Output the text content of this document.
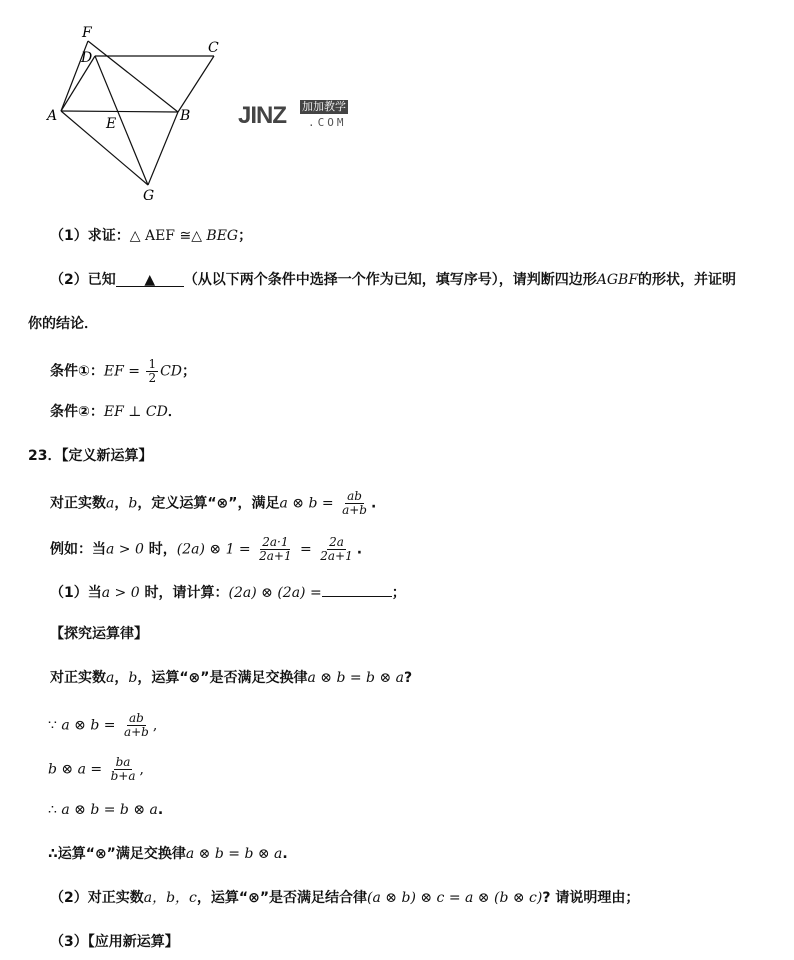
F
D
C
A	E	B
G
JINZ 加加教学
.COM
（1）求证：△ AEF ≅△ BEG；
（2）已知 ▲ （从以下两个条件中选择一个作为已知，填写序号），请判断四边形AGBF的形状，并证明
你的结论．
条件①：EF = $\frac{1}{2}$ CD；
条件②：EF ⊥ CD．
23．【定义新运算】
对正实数a，b，定义运算“⊗”，满足a ⊗ $b = \frac{ab}{a+b}$ .
例如：当a > 0 时，(2a) ⊗ $1 = \frac{2a\cdot 1}{2a+1} = \frac{2a}{2a+1}$ .
（1）当a > 0 时，请计算：(2a) ⊗ (2a) =	；
【探究运算律】
对正实数a，b，运算“⊗”是否满足交换律a ⊗ b = b ⊗ a?
∵ a ⊗ $b = \frac{ab}{a+b}$ ,
b ⊗ $a = \frac{ba}{b+a}$ ,
∴ a ⊗ b = b ⊗ a.
∴运算“⊗”满足交换律a ⊗ b = b ⊗ a.
（2）对正实数a，b，c，运算“⊗”是否满足结合律(a ⊗ b) ⊗ c = a ⊗ (b ⊗ c)? 请说明理由；
（3）【应用新运算】
